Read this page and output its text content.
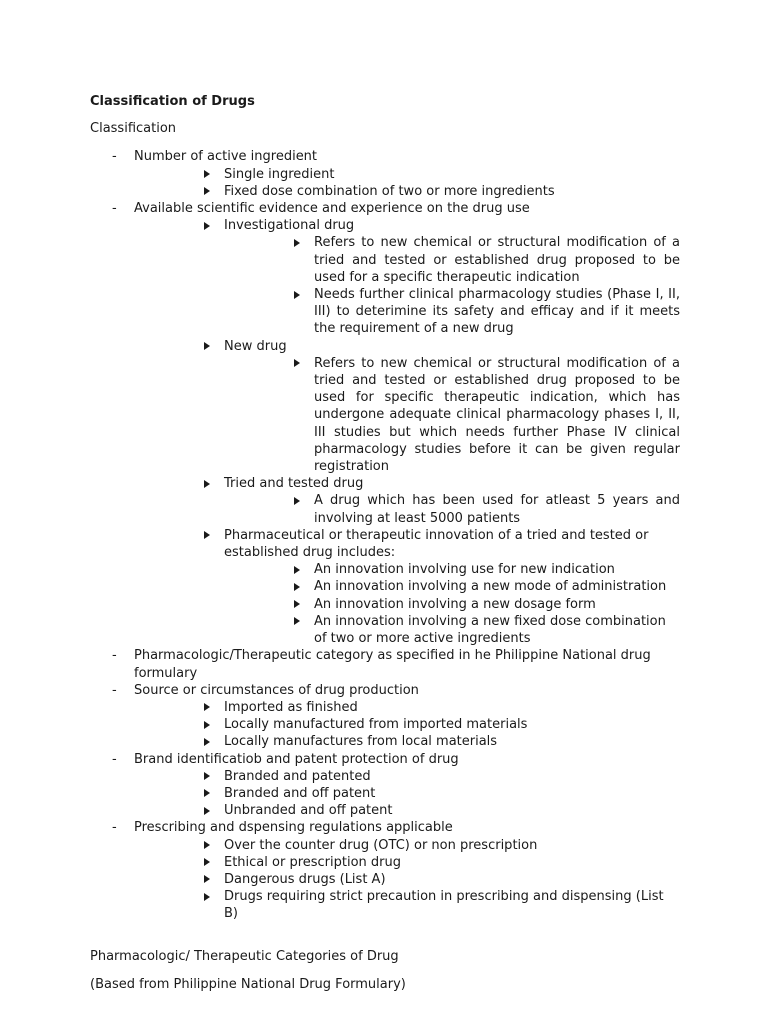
Classification of Drugs
Classification
- Number of active ingredient
Single ingredient
Fixed dose combination of two or more ingredients
- Available scientific evidence and experience on the drug use
Investigational drug
Refers to new chemical or structural modification of a tried and tested or established drug proposed to be used for a specific therapeutic indication
Needs further clinical pharmacology studies (Phase I, II, III) to deterimine its safety and efficay and if it meets the requirement of a new drug
New drug
Refers to new chemical or structural modification of a tried and tested or established drug proposed to be used for specific therapeutic indication, which has undergone adequate clinical pharmacology phases I, II, III studies but which needs further Phase IV clinical pharmacology studies before it can be given regular registration
Tried and tested drug
A drug which has been used for atleast 5 years and involving at least 5000 patients
Pharmaceutical or therapeutic innovation of a tried and tested or established drug includes:
An innovation involving use for new indication
An innovation involving a new mode of administration
An innovation involving a new dosage form
An innovation involving a new fixed dose combination of two or more active ingredients
- Pharmacologic/Therapeutic category as specified in he Philippine National drug formulary
- Source or circumstances of drug production
Imported as finished
Locally manufactured from imported materials
Locally manufactures from local materials
- Brand identificatiob and patent protection of drug
Branded and patented
Branded and off patent
Unbranded and off patent
- Prescribing and dspensing regulations applicable
Over the counter drug (OTC) or non prescription
Ethical or prescription drug
Dangerous drugs (List A)
Drugs requiring strict precaution in prescribing and dispensing (List B)
Pharmacologic/ Therapeutic Categories of Drug
(Based from Philippine National Drug Formulary)
